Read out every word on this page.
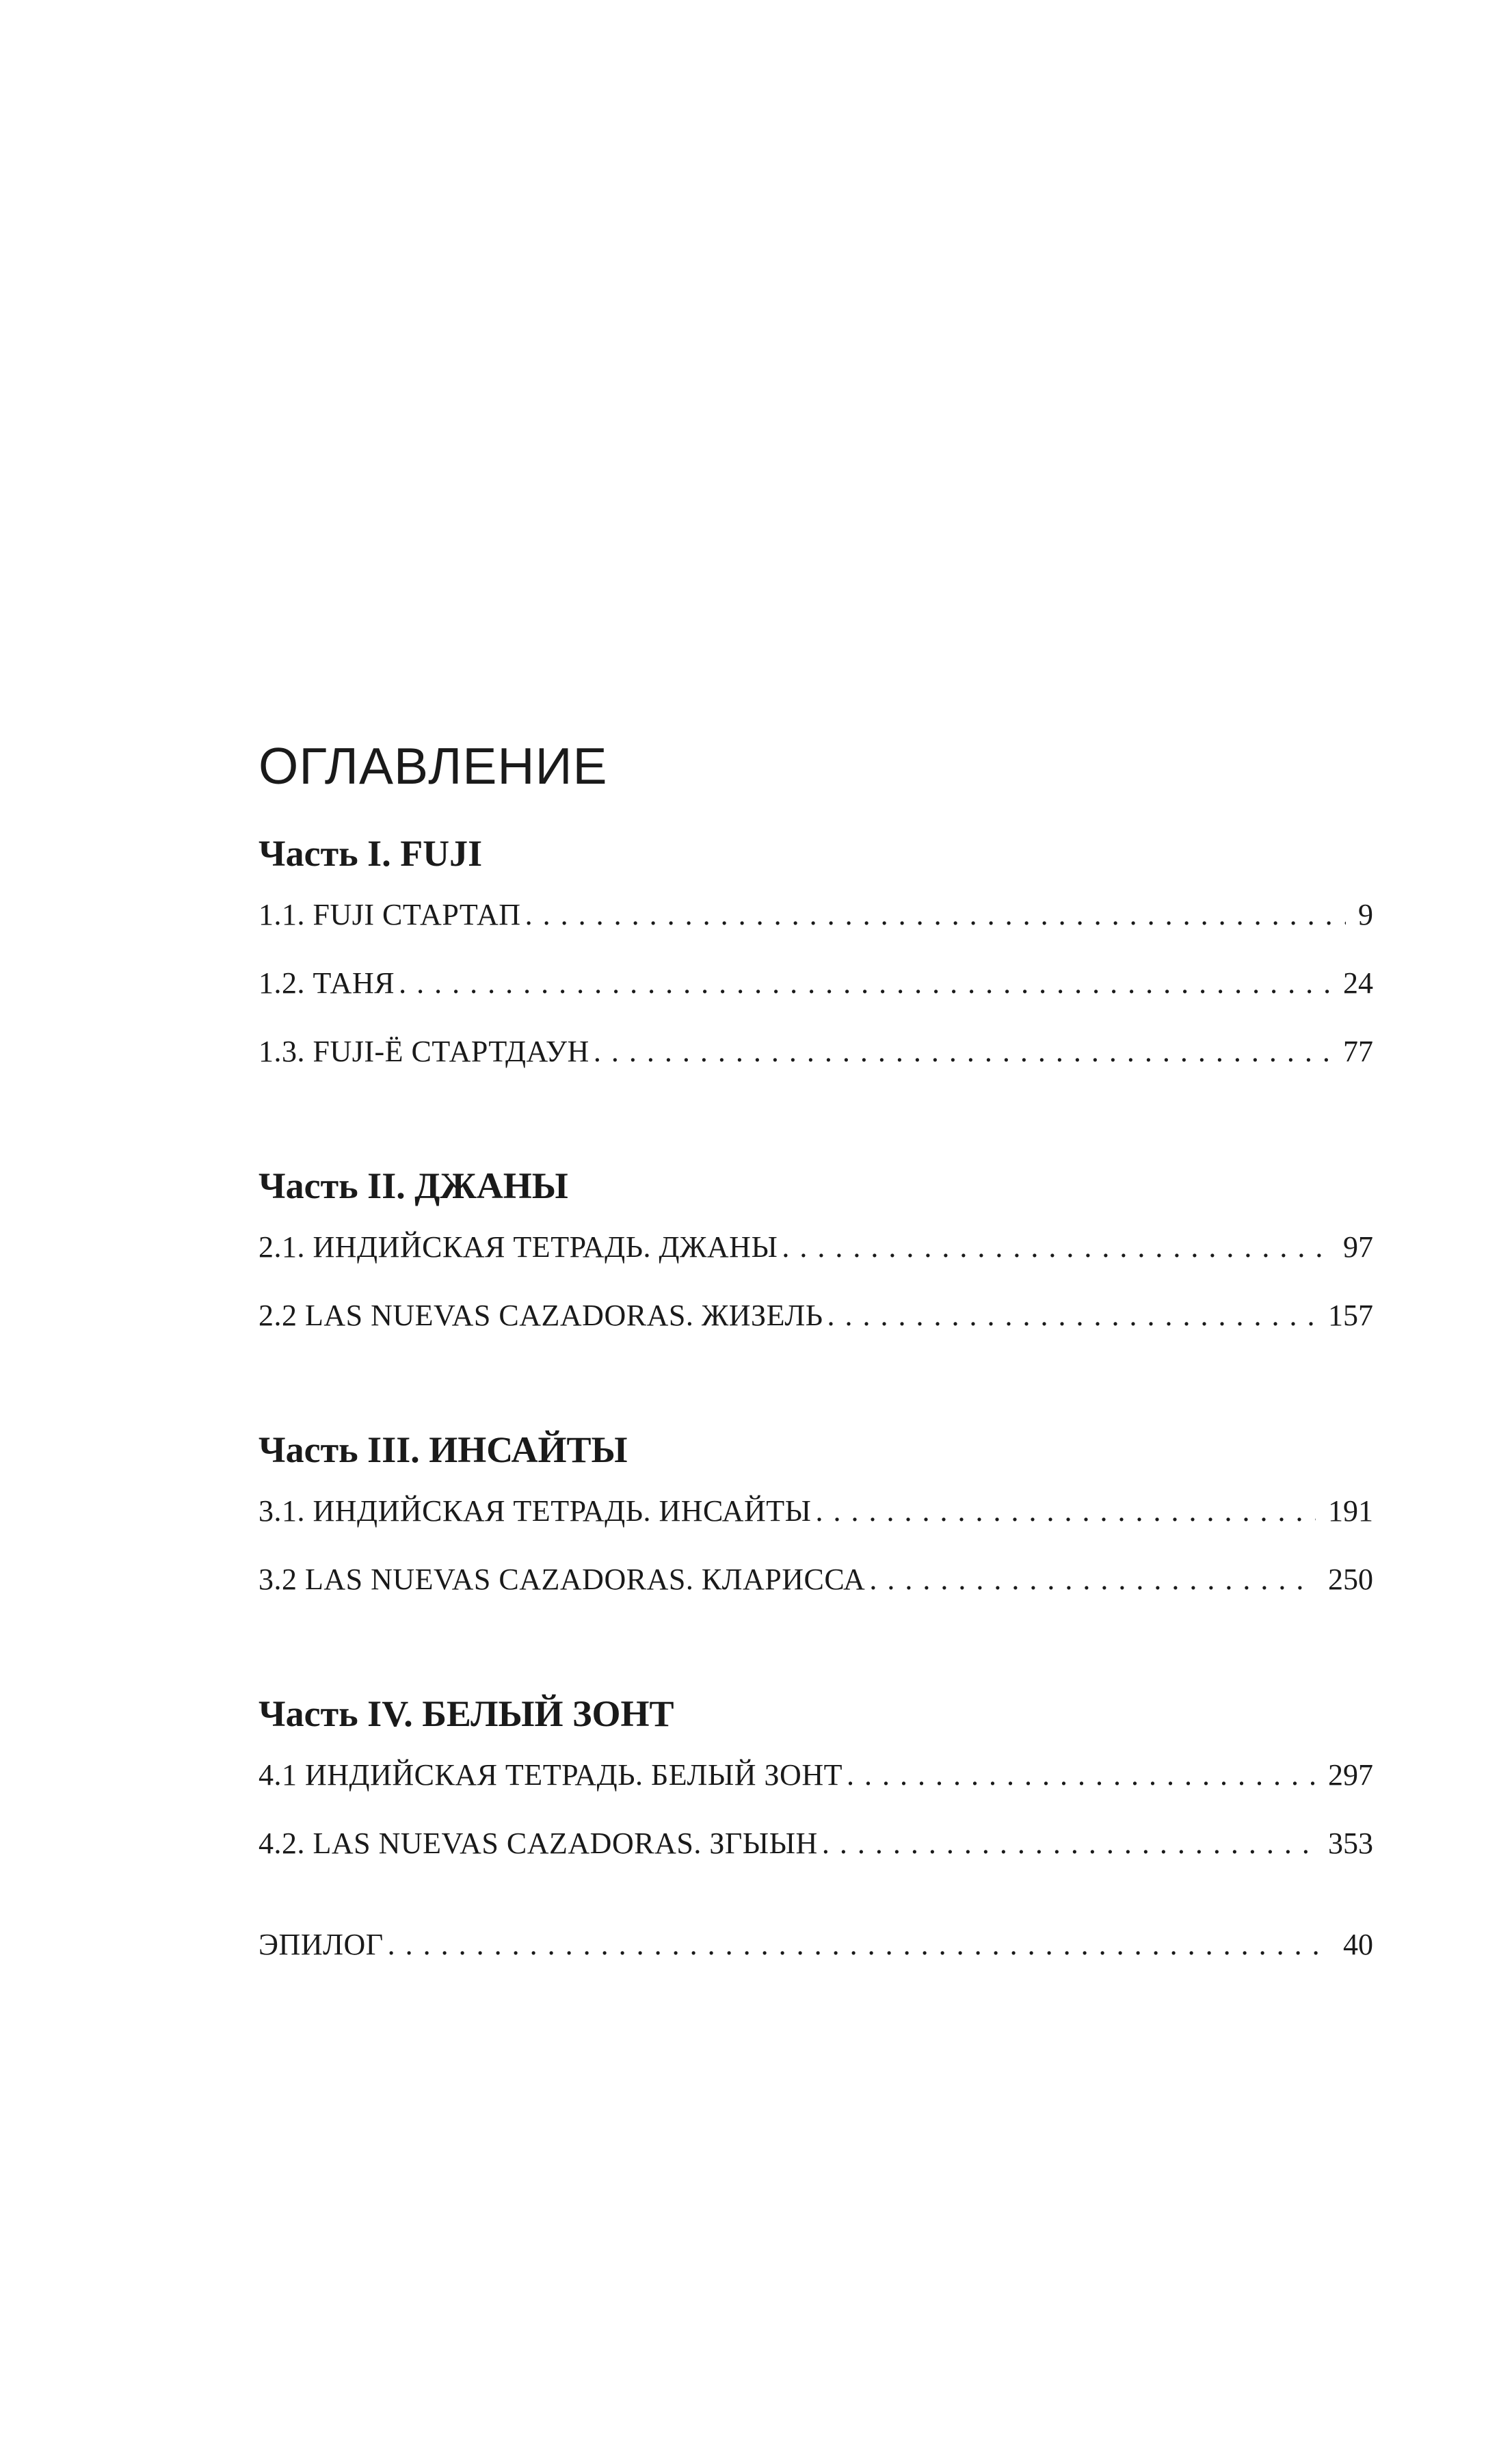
ОГЛАВЛЕНИЕ
Часть I. FUJI
1.1. FUJI СТАРТАП . . .	9
1.2. ТАНЯ . . .	24
1.3. FUJI-Ё СТАРТДАУН . . .	77
Часть II. ДЖАНЫ
2.1. ИНДИЙСКАЯ ТЕТРАДЬ. ДЖАНЫ . . .	97
2.2 LAS NUEVAS CAZADORAS. ЖИЗЕЛЬ . . .	157
Часть III. ИНСАЙТЫ
3.1. ИНДИЙСКАЯ ТЕТРАДЬ. ИНСАЙТЫ . . .	191
3.2 LAS NUEVAS CAZADORAS. КЛАРИССА . . .	250
Часть IV. БЕЛЫЙ ЗОНТ
4.1 ИНДИЙСКАЯ ТЕТРАДЬ. БЕЛЫЙ ЗОНТ . . .	297
4.2. LAS NUEVAS CAZADORAS. ЗГЫЫН . . .	353
ЭПИЛОГ . . .	40
